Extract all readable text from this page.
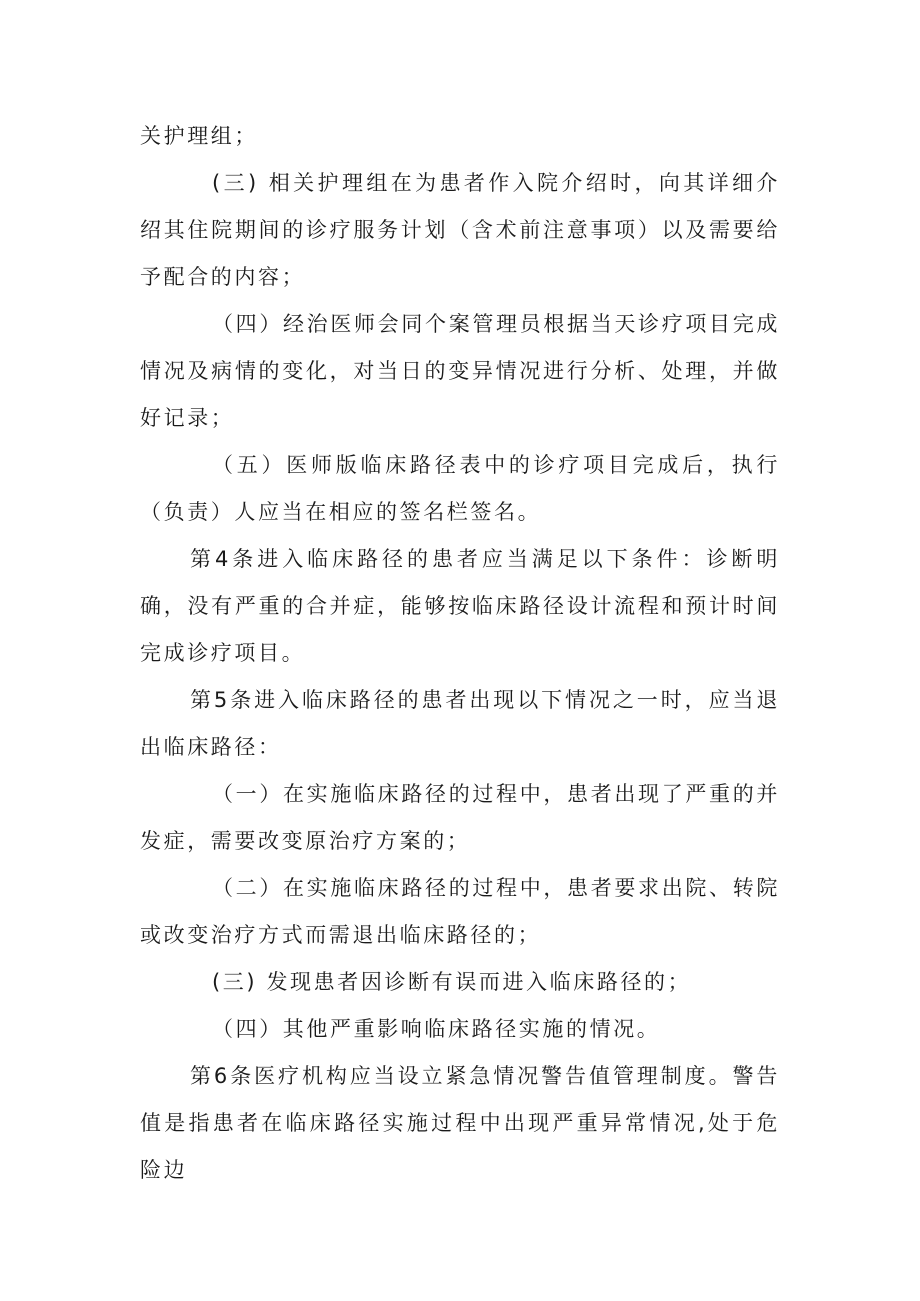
关护理组；

(三) 相关护理组在为患者作入院介绍时，向其详细介绍其住院期间的诊疗服务计划（含术前注意事项）以及需要给予配合的内容；

（四）经治医师会同个案管理员根据当天诊疗项目完成情况及病情的变化，对当日的变异情况进行分析、处理，并做好记录；

（五）医师版临床路径表中的诊疗项目完成后，执行（负责）人应当在相应的签名栏签名。

第4条进入临床路径的患者应当满足以下条件：诊断明确，没有严重的合并症，能够按临床路径设计流程和预计时间完成诊疗项目。

第5条进入临床路径的患者出现以下情况之一时，应当退出临床路径：

（一）在实施临床路径的过程中，患者出现了严重的并发症，需要改变原治疗方案的；

（二）在实施临床路径的过程中，患者要求出院、转院或改变治疗方式而需退出临床路径的；

(三) 发现患者因诊断有误而进入临床路径的；

（四）其他严重影响临床路径实施的情况。

第6条医疗机构应当设立紧急情况警告值管理制度。警告值是指患者在临床路径实施过程中出现严重异常情况,处于危险边
